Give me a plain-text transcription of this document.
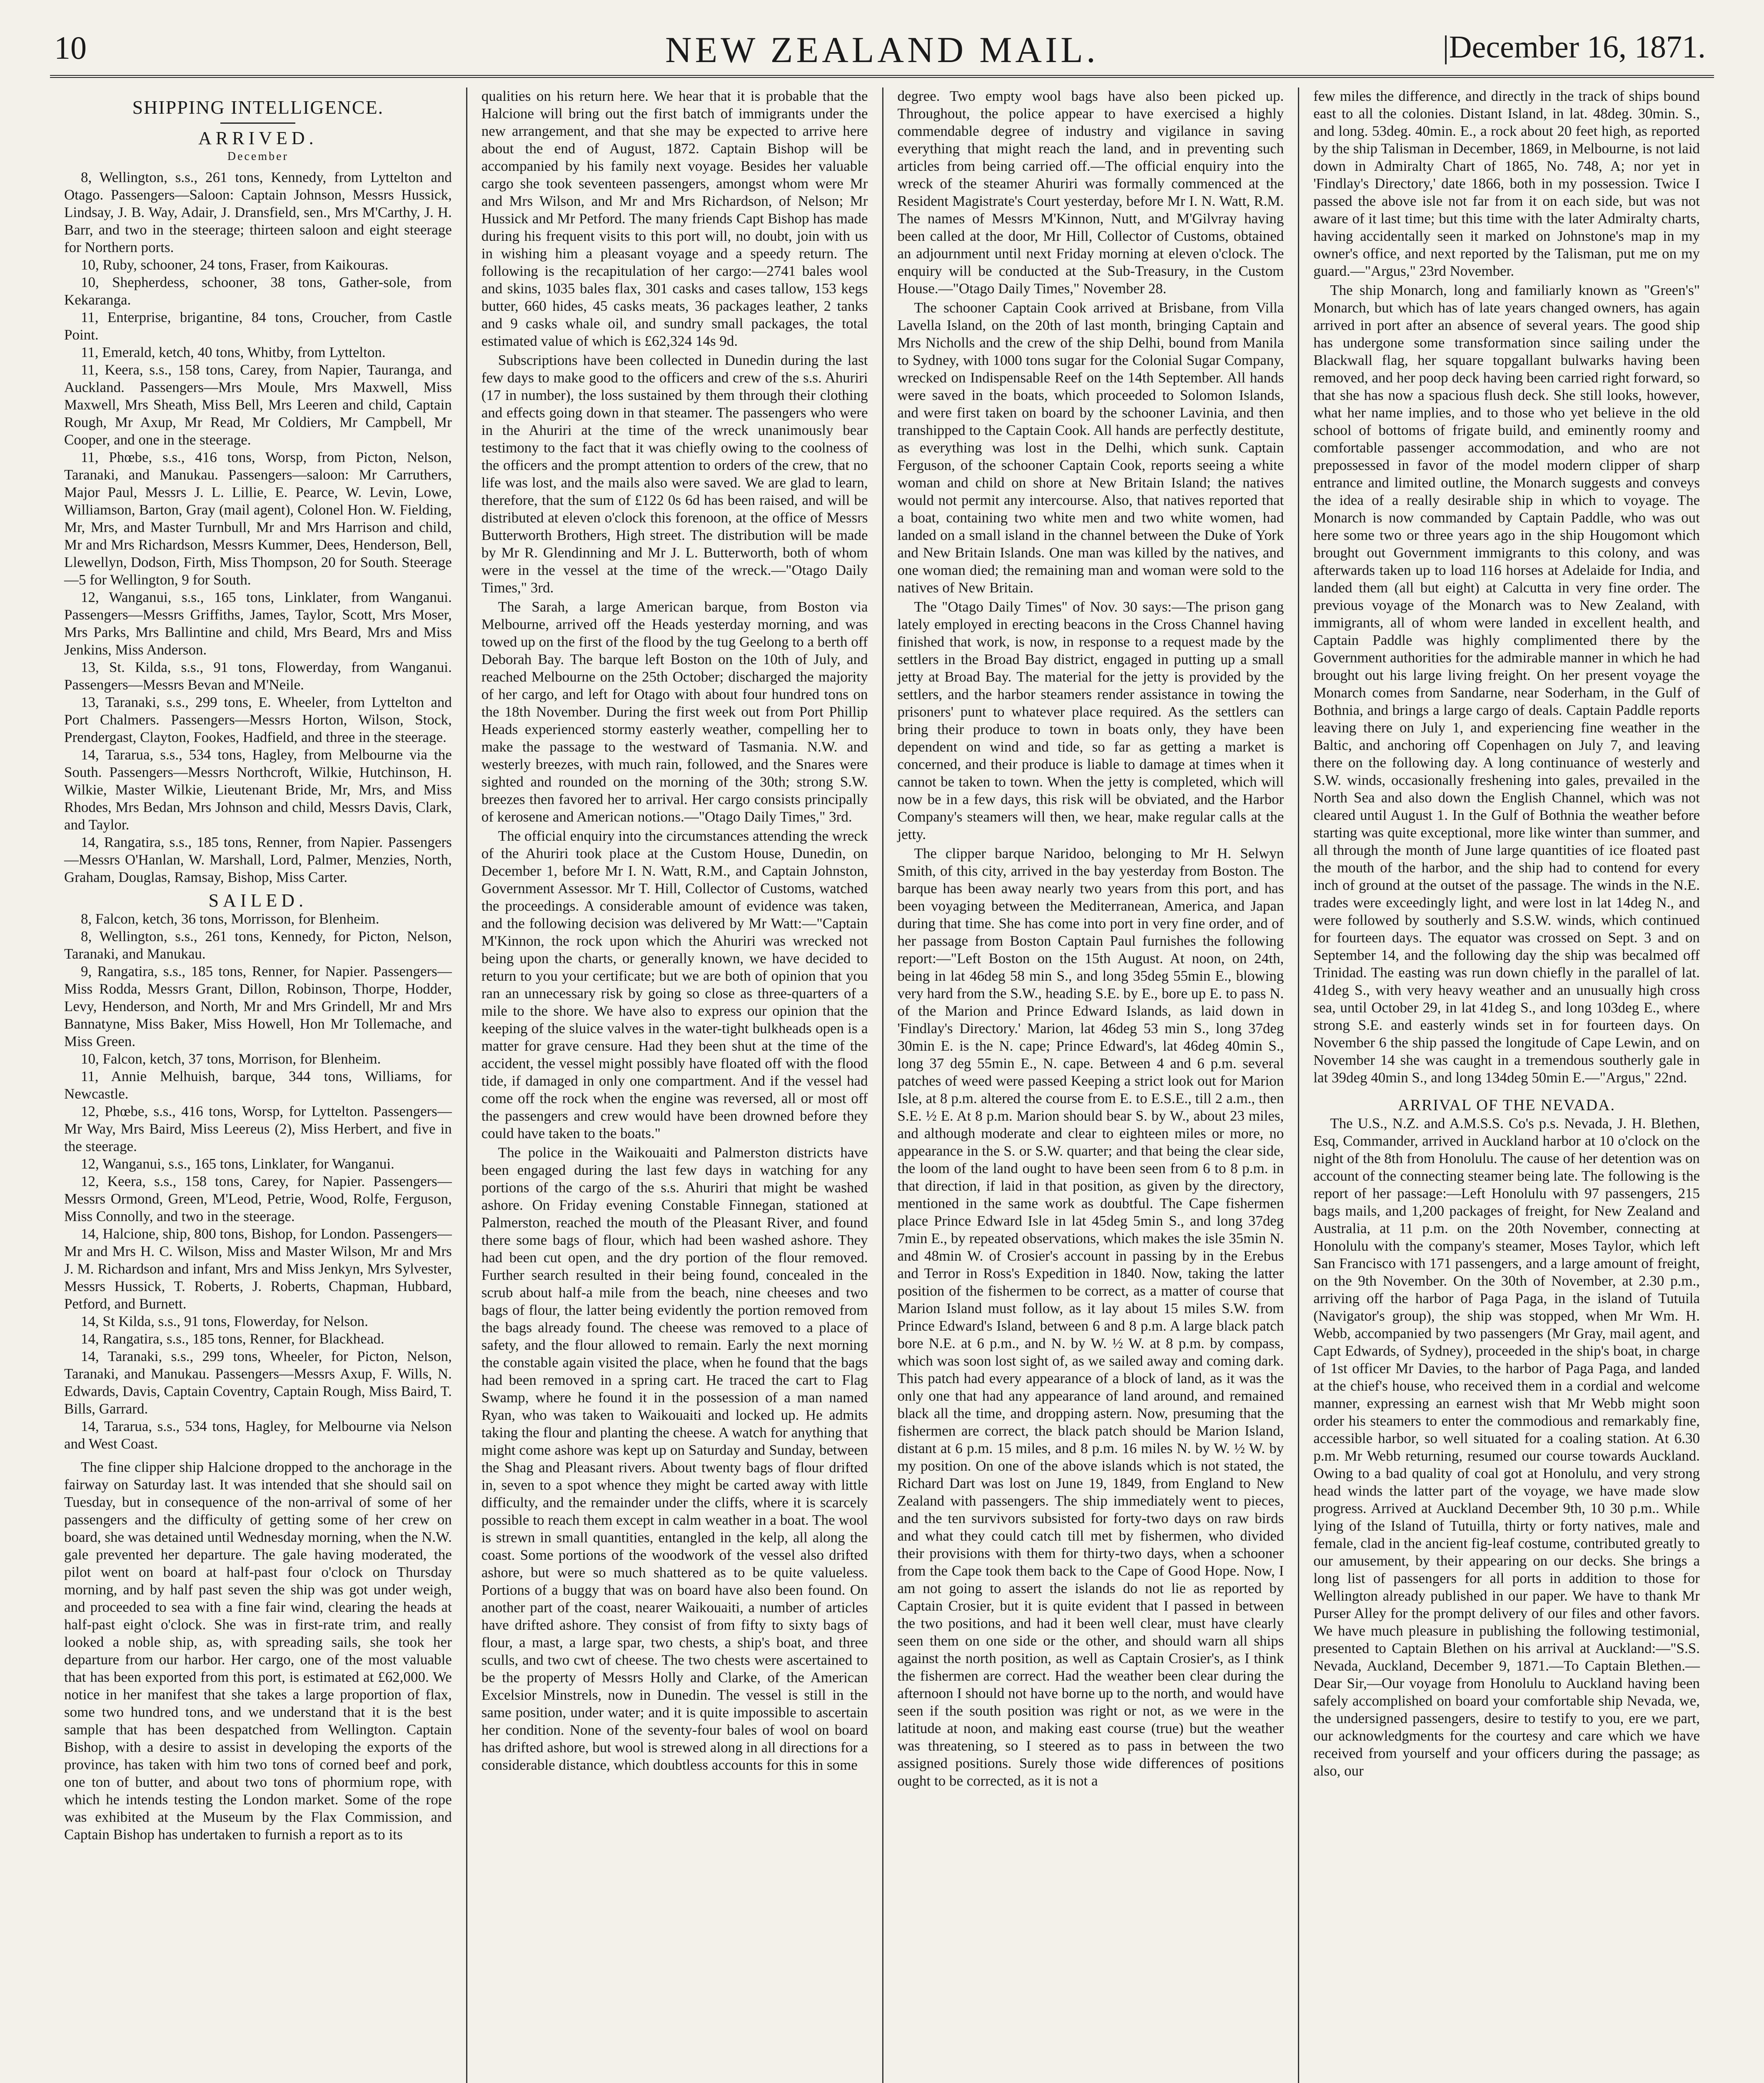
10	NEW ZEALAND MAIL.	|December 16, 1871.
SHIPPING INTELLIGENCE.
ARRIVED.
December

8, Wellington, s.s., 261 tons, Kennedy, from Lyttelton and Otago. Passengers—Saloon: Captain Johnson, Messrs Hussick, Lindsay, J. B. Way, Adair, J. Dransfield, sen., Mrs M'Carthy, J. H. Barr, and two in the steerage; thirteen saloon and eight steerage for Northern ports.

10, Ruby, schooner, 24 tons, Fraser, from Kaikouras.

10, Shepherdess, schooner, 38 tons, Gather-sole, from Kekaranga.

11, Enterprise, brigantine, 84 tons, Croucher, from Castle Point.

11, Emerald, ketch, 40 tons, Whitby, from Lyttelton.

11, Keera, s.s., 158 tons, Carey, from Napier, Tauranga, and Auckland. Passengers—Mrs Moule, Mrs Maxwell, Miss Maxwell, Mrs Sheath, Miss Bell, Mrs Leeren and child, Captain Rough, Mr Axup, Mr Read, Mr Coldiers, Mr Campbell, Mr Cooper, and one in the steerage.

11, Phœbe, s.s., 416 tons, Worsp, from Picton, Nelson, Taranaki, and Manukau. Passengers—saloon: Mr Carruthers, Major Paul, Messrs J. L. Lillie, E. Pearce, W. Levin, Lowe, Williamson, Barton, Gray (mail agent), Colonel Hon. W. Fielding, Mr, Mrs, and Master Turnbull, Mr and Mrs Harrison and child, Mr and Mrs Richardson, Messrs Kummer, Dees, Henderson, Bell, Llewellyn, Dodson, Firth, Miss Thompson, 20 for South. Steerage—5 for Wellington, 9 for South.

12, Wanganui, s.s., 165 tons, Linklater, from Wanganui. Passengers—Messrs Griffiths, James, Taylor, Scott, Mrs Moser, Mrs Parks, Mrs Ballintine and child, Mrs Beard, Mrs and Miss Jenkins, Miss Anderson.

13, St. Kilda, s.s., 91 tons, Flowerday, from Wanganui. Passengers—Messrs Bevan and M'Neile.

13, Taranaki, s.s., 299 tons, E. Wheeler, from Lyttelton and Port Chalmers. Passengers—Messrs Horton, Wilson, Stock, Prendergast, Clayton, Fookes, Hadfield, and three in the steerage.

14, Tararua, s.s., 534 tons, Hagley, from Melbourne via the South. Passengers—Messrs Northcroft, Wilkie, Hutchinson, H. Wilkie, Master Wilkie, Lieutenant Bride, Mr, Mrs, and Miss Rhodes, Mrs Bedan, Mrs Johnson and child, Messrs Davis, Clark, and Taylor.

14, Rangatira, s.s., 185 tons, Renner, from Napier. Passengers—Messrs O'Hanlan, W. Marshall, Lord, Palmer, Menzies, North, Graham, Douglas, Ramsay, Bishop, Miss Carter.

SAILED.

8, Falcon, ketch, 36 tons, Morrisson, for Blenheim.

8, Wellington, s.s., 261 tons, Kennedy, for Picton, Nelson, Taranaki, and Manukau.

9, Rangatira, s.s., 185 tons, Renner, for Napier. Passengers—Miss Rodda, Messrs Grant, Dillon, Robinson, Thorpe, Hodder, Levy, Henderson, and North, Mr and Mrs Grindell, Mr and Mrs Bannatyne, Miss Baker, Miss Howell, Hon Mr Tollemache, and Miss Green.

10, Falcon, ketch, 37 tons, Morrison, for Blenheim.

11, Annie Melhuish, barque, 344 tons, Williams, for Newcastle.

12, Phœbe, s.s., 416 tons, Worsp, for Lyttelton. Passengers—Mr Way, Mrs Baird, Miss Leereus (2), Miss Herbert, and five in the steerage.

12, Wanganui, s.s., 165 tons, Linklater, for Wanganui.

12, Keera, s.s., 158 tons, Carey, for Napier. Passengers—Messrs Ormond, Green, M'Leod, Petrie, Wood, Rolfe, Ferguson, Miss Connolly, and two in the steerage.

14, Halcione, ship, 800 tons, Bishop, for London. Passengers—Mr and Mrs H. C. Wilson, Miss and Master Wilson, Mr and Mrs J. M. Richardson and infant, Mrs and Miss Jenkyn, Mrs Sylvester, Messrs Hussick, T. Roberts, J. Roberts, Chapman, Hubbard, Petford, and Burnett.

14, St Kilda, s.s., 91 tons, Flowerday, for Nelson.

14, Rangatira, s.s., 185 tons, Renner, for Blackhead.

14, Taranaki, s.s., 299 tons, Wheeler, for Picton, Nelson, Taranaki, and Manukau. Passengers—Messrs Axup, F. Wills, N. Edwards, Davis, Captain Coventry, Captain Rough, Miss Baird, T. Bills, Garrard.

14, Tararua, s.s., 534 tons, Hagley, for Melbourne via Nelson and West Coast.

The fine clipper ship Halcione dropped to the anchorage in the fairway on Saturday last. It was intended that she should sail on Tuesday, but in consequence of the non-arrival of some of her passengers and the difficulty of getting some of her crew on board, she was detained until Wednesday morning, when the N.W. gale prevented her departure. The gale having moderated, the pilot went on board at half-past four o'clock on Thursday morning, and by half past seven the ship was got under weigh, and proceeded to sea with a fine fair wind, clearing the heads at half-past eight o'clock. She was in first-rate trim, and really looked a noble ship, as, with spreading sails, she took her departure from our harbor. Her cargo, one of the most valuable that has been exported from this port, is estimated at £62,000. We notice in her manifest that she takes a large proportion of flax, some two hundred tons, and we understand that it is the best sample that has been despatched from Wellington. Captain Bishop, with a desire to assist in developing the exports of the province, has taken with him two tons of corned beef and pork, one ton of butter, and about two tons of phormium rope, with which he intends testing the London market. Some of the rope was exhibited at the Museum by the Flax Commission, and Captain Bishop has undertaken to furnish a report as to its

qualities on his return here. We hear that it is probable that the Halcione will bring out the first batch of immigrants under the new arrangement, and that she may be expected to arrive here about the end of August, 1872. Captain Bishop will be accompanied by his family next voyage. Besides her valuable cargo she took seventeen passengers, amongst whom were Mr and Mrs Wilson, and Mr and Mrs Richardson, of Nelson; Mr Hussick and Mr Petford. The many friends Capt Bishop has made during his frequent visits to this port will, no doubt, join with us in wishing him a pleasant voyage and a speedy return. The following is the recapitulation of her cargo:—2741 bales wool and skins, 1035 bales flax, 301 casks and cases tallow, 153 kegs butter, 660 hides, 45 casks meats, 36 packages leather, 2 tanks and 9 casks whale oil, and sundry small packages, the total estimated value of which is £62,324 14s 9d.

Subscriptions have been collected in Dunedin during the last few days to make good to the officers and crew of the s.s. Ahuriri (17 in number), the loss sustained by them through their clothing and effects going down in that steamer. The passengers who were in the Ahuriri at the time of the wreck unanimously bear testimony to the fact that it was chiefly owing to the coolness of the officers and the prompt attention to orders of the crew, that no life was lost, and the mails also were saved. We are glad to learn, therefore, that the sum of £122 0s 6d has been raised, and will be distributed at eleven o'clock this forenoon, at the office of Messrs Butterworth Brothers, High street. The distribution will be made by Mr R. Glendinning and Mr J. L. Butterworth, both of whom were in the vessel at the time of the wreck.—"Otago Daily Times," 3rd.

The Sarah, a large American barque, from Boston via Melbourne, arrived off the Heads yesterday morning, and was towed up on the first of the flood by the tug Geelong to a berth off Deborah Bay. The barque left Boston on the 10th of July, and reached Melbourne on the 25th October; discharged the majority of her cargo, and left for Otago with about four hundred tons on the 18th November. During the first week out from Port Phillip Heads experienced stormy easterly weather, compelling her to make the passage to the westward of Tasmania. N.W. and westerly breezes, with much rain, followed, and the Snares were sighted and rounded on the morning of the 30th; strong S.W. breezes then favored her to arrival. Her cargo consists principally of kerosene and American notions.—"Otago Daily Times," 3rd.

The official enquiry into the circumstances attending the wreck of the Ahuriri took place at the Custom House, Dunedin, on December 1, before Mr I. N. Watt, R.M., and Captain Johnston, Government Assessor. Mr T. Hill, Collector of Customs, watched the proceedings. A considerable amount of evidence was taken, and the following decision was delivered by Mr Watt:—"Captain M'Kinnon, the rock upon which the Ahuriri was wrecked not being upon the charts, or generally known, we have decided to return to you your certificate; but we are both of opinion that you ran an unnecessary risk by going so close as three-quarters of a mile to the shore. We have also to express our opinion that the keeping of the sluice valves in the water-tight bulkheads open is a matter for grave censure. Had they been shut at the time of the accident, the vessel might possibly have floated off with the flood tide, if damaged in only one compartment. And if the vessel had come off the rock when the engine was reversed, all or most off the passengers and crew would have been drowned before they could have taken to the boats."

The police in the Waikouaiti and Palmerston districts have been engaged during the last few days in watching for any portions of the cargo of the s.s. Ahuriri that might be washed ashore. On Friday evening Constable Finnegan, stationed at Palmerston, reached the mouth of the Pleasant River, and found there some bags of flour, which had been washed ashore. They had been cut open, and the dry portion of the flour removed. Further search resulted in their being found, concealed in the scrub about half-a mile from the beach, nine cheeses and two bags of flour, the latter being evidently the portion removed from the bags already found. The cheese was removed to a place of safety, and the flour allowed to remain. Early the next morning the constable again visited the place, when he found that the bags had been removed in a spring cart. He traced the cart to Flag Swamp, where he found it in the possession of a man named Ryan, who was taken to Waikouaiti and locked up. He admits taking the flour and planting the cheese. A watch for anything that might come ashore was kept up on Saturday and Sunday, between the Shag and Pleasant rivers. About twenty bags of flour drifted in, seven to a spot whence they might be carted away with little difficulty, and the remainder under the cliffs, where it is scarcely possible to reach them except in calm weather in a boat. The wool is strewn in small quantities, entangled in the kelp, all along the coast. Some portions of the woodwork of the vessel also drifted ashore, but were so much shattered as to be quite valueless. Portions of a buggy that was on board have also been found. On another part of the coast, nearer Waikouaiti, a number of articles have drifted ashore. They consist of from fifty to sixty bags of flour, a mast, a large spar, two chests, a ship's boat, and three sculls, and two cwt of cheese. The two chests were ascertained to be the property of Messrs Holly and Clarke, of the American Excelsior Minstrels, now in Dunedin. The vessel is still in the same position, under water; and it is quite impossible to ascertain her condition. None of the seventy-four bales of wool on board has drifted ashore, but wool is strewed along in all directions for a considerable distance, which doubtless accounts for this in some

degree. Two empty wool bags have also been picked up. Throughout, the police appear to have exercised a highly commendable degree of industry and vigilance in saving everything that might reach the land, and in preventing such articles from being carried off.—The official enquiry into the wreck of the steamer Ahuriri was formally commenced at the Resident Magistrate's Court yesterday, before Mr I. N. Watt, R.M. The names of Messrs M'Kinnon, Nutt, and M'Gilvray having been called at the door, Mr Hill, Collector of Customs, obtained an adjournment until next Friday morning at eleven o'clock. The enquiry will be conducted at the Sub-Treasury, in the Custom House.—"Otago Daily Times," November 28.

The schooner Captain Cook arrived at Brisbane, from Villa Lavella Island, on the 20th of last month, bringing Captain and Mrs Nicholls and the crew of the ship Delhi, bound from Manila to Sydney, with 1000 tons sugar for the Colonial Sugar Company, wrecked on Indispensable Reef on the 14th September. All hands were saved in the boats, which proceeded to Solomon Islands, and were first taken on board by the schooner Lavinia, and then transhipped to the Captain Cook. All hands are perfectly destitute, as everything was lost in the Delhi, which sunk. Captain Ferguson, of the schooner Captain Cook, reports seeing a white woman and child on shore at New Britain Island; the natives would not permit any intercourse. Also, that natives reported that a boat, containing two white men and two white women, had landed on a small island in the channel between the Duke of York and New Britain Islands. One man was killed by the natives, and one woman died; the remaining man and woman were sold to the natives of New Britain.

The "Otago Daily Times" of Nov. 30 says:—The prison gang lately employed in erecting beacons in the Cross Channel having finished that work, is now, in response to a request made by the settlers in the Broad Bay district, engaged in putting up a small jetty at Broad Bay. The material for the jetty is provided by the settlers, and the harbor steamers render assistance in towing the prisoners' punt to whatever place required. As the settlers can bring their produce to town in boats only, they have been dependent on wind and tide, so far as getting a market is concerned, and their produce is liable to damage at times when it cannot be taken to town. When the jetty is completed, which will now be in a few days, this risk will be obviated, and the Harbor Company's steamers will then, we hear, make regular calls at the jetty.

The clipper barque Naridoo, belonging to Mr H. Selwyn Smith, of this city, arrived in the bay yesterday from Boston. The barque has been away nearly two years from this port, and has been voyaging between the Mediterranean, America, and Japan during that time. She has come into port in very fine order, and of her passage from Boston Captain Paul furnishes the following report:—"Left Boston on the 15th August. At noon, on 24th, being in lat 46deg 58 min S., and long 35deg 55min E., blowing very hard from the S.W., heading S.E. by E., bore up E. to pass N. of the Marion and Prince Edward Islands, as laid down in 'Findlay's Directory.' Marion, lat 46deg 53 min S., long 37deg 30min E. is the N. cape; Prince Edward's, lat 46deg 40min S., long 37 deg 55min E., N. cape. Between 4 and 6 p.m. several patches of weed were passed Keeping a strict look out for Marion Isle, at 8 p.m. altered the course from E. to E.S.E., till 2 a.m., then S.E. ½ E. At 8 p.m. Marion should bear S. by W., about 23 miles, and although moderate and clear to eighteen miles or more, no appearance in the S. or S.W. quarter; and that being the clear side, the loom of the land ought to have been seen from 6 to 8 p.m. in that direction, if laid in that position, as given by the directory, mentioned in the same work as doubtful. The Cape fishermen place Prince Edward Isle in lat 45deg 5min S., and long 37deg 7min E., by repeated observations, which makes the isle 35min N. and 48min W. of Crosier's account in passing by in the Erebus and Terror in Ross's Expedition in 1840. Now, taking the latter position of the fishermen to be correct, as a matter of course that Marion Island must follow, as it lay about 15 miles S.W. from Prince Edward's Island, between 6 and 8 p.m. A large black patch bore N.E. at 6 p.m., and N. by W. ½ W. at 8 p.m. by compass, which was soon lost sight of, as we sailed away and coming dark. This patch had every appearance of a block of land, as it was the only one that had any appearance of land around, and remained black all the time, and dropping astern. Now, presuming that the fishermen are correct, the black patch should be Marion Island, distant at 6 p.m. 15 miles, and 8 p.m. 16 miles N. by W. ½ W. by my position. On one of the above islands which is not stated, the Richard Dart was lost on June 19, 1849, from England to New Zealand with passengers. The ship immediately went to pieces, and the ten survivors subsisted for forty-two days on raw birds and what they could catch till met by fishermen, who divided their provisions with them for thirty-two days, when a schooner from the Cape took them back to the Cape of Good Hope. Now, I am not going to assert the islands do not lie as reported by Captain Crosier, but it is quite evident that I passed in between the two positions, and had it been well clear, must have clearly seen them on one side or the other, and should warn all ships against the north position, as well as Captain Crosier's, as I think the fishermen are correct. Had the weather been clear during the afternoon I should not have borne up to the north, and would have seen if the south position was right or not, as we were in the latitude at noon, and making east course (true) but the weather was threatening, so I steered as to pass in between the two assigned positions. Surely those wide differences of positions ought to be corrected, as it is not a

few miles the difference, and directly in the track of ships bound east to all the colonies. Distant Island, in lat. 48deg. 30min. S., and long. 53deg. 40min. E., a rock about 20 feet high, as reported by the ship Talisman in December, 1869, in Melbourne, is not laid down in Admiralty Chart of 1865, No. 748, A; nor yet in 'Findlay's Directory,' date 1866, both in my possession. Twice I passed the above isle not far from it on each side, but was not aware of it last time; but this time with the later Admiralty charts, having accidentally seen it marked on Johnstone's map in my owner's office, and next reported by the Talisman, put me on my guard.—"Argus," 23rd November.

The ship Monarch, long and familiarly known as "Green's" Monarch, but which has of late years changed owners, has again arrived in port after an absence of several years. The good ship has undergone some transformation since sailing under the Blackwall flag, her square topgallant bulwarks having been removed, and her poop deck having been carried right forward, so that she has now a spacious flush deck. She still looks, however, what her name implies, and to those who yet believe in the old school of bottoms of frigate build, and eminently roomy and comfortable passenger accommodation, and who are not prepossessed in favor of the model modern clipper of sharp entrance and limited outline, the Monarch suggests and conveys the idea of a really desirable ship in which to voyage. The Monarch is now commanded by Captain Paddle, who was out here some two or three years ago in the ship Hougomont which brought out Government immigrants to this colony, and was afterwards taken up to load 116 horses at Adelaide for India, and landed them (all but eight) at Calcutta in very fine order. The previous voyage of the Monarch was to New Zealand, with immigrants, all of whom were landed in excellent health, and Captain Paddle was highly complimented there by the Government authorities for the admirable manner in which he had brought out his large living freight. On her present voyage the Monarch comes from Sandarne, near Soderham, in the Gulf of Bothnia, and brings a large cargo of deals. Captain Paddle reports leaving there on July 1, and experiencing fine weather in the Baltic, and anchoring off Copenhagen on July 7, and leaving there on the following day. A long continuance of westerly and S.W. winds, occasionally freshening into gales, prevailed in the North Sea and also down the English Channel, which was not cleared until August 1. In the Gulf of Bothnia the weather before starting was quite exceptional, more like winter than summer, and all through the month of June large quantities of ice floated past the mouth of the harbor, and the ship had to contend for every inch of ground at the outset of the passage. The winds in the N.E. trades were exceedingly light, and were lost in lat 14deg N., and were followed by southerly and S.S.W. winds, which continued for fourteen days. The equator was crossed on Sept. 3 and on September 14, and the following day the ship was becalmed off Trinidad. The easting was run down chiefly in the parallel of lat. 41deg S., with very heavy weather and an unusually high cross sea, until October 29, in lat 41deg S., and long 103deg E., where strong S.E. and easterly winds set in for fourteen days. On November 6 the ship passed the longitude of Cape Lewin, and on November 14 she was caught in a tremendous southerly gale in lat 39deg 40min S., and long 134deg 50min E.—"Argus," 22nd.

ARRIVAL OF THE NEVADA.

The U.S., N.Z. and A.M.S.S. Co's p.s. Nevada, J. H. Blethen, Esq, Commander, arrived in Auckland harbor at 10 o'clock on the night of the 8th from Honolulu. The cause of her detention was on account of the connecting steamer being late. The following is the report of her passage:—Left Honolulu with 97 passengers, 215 bags mails, and 1,200 packages of freight, for New Zealand and Australia, at 11 p.m. on the 20th November, connecting at Honolulu with the company's steamer, Moses Taylor, which left San Francisco with 171 passengers, and a large amount of freight, on the 9th November. On the 30th of November, at 2.30 p.m., arriving off the harbor of Paga Paga, in the island of Tutuila (Navigator's group), the ship was stopped, when Mr Wm. H. Webb, accompanied by two passengers (Mr Gray, mail agent, and Capt Edwards, of Sydney), proceeded in the ship's boat, in charge of 1st officer Mr Davies, to the harbor of Paga Paga, and landed at the chief's house, who received them in a cordial and welcome manner, expressing an earnest wish that Mr Webb might soon order his steamers to enter the commodious and remarkably fine, accessible harbor, so well situated for a coaling station. At 6.30 p.m. Mr Webb returning, resumed our course towards Auckland. Owing to a bad quality of coal got at Honolulu, and very strong head winds the latter part of the voyage, we have made slow progress. Arrived at Auckland December 9th, 10 30 p.m.. While lying of the Island of Tutuilla, thirty or forty natives, male and female, clad in the ancient fig-leaf costume, contributed greatly to our amusement, by their appearing on our decks. She brings a long list of passengers for all ports in addition to those for Wellington already published in our paper. We have to thank Mr Purser Alley for the prompt delivery of our files and other favors. We have much pleasure in publishing the following testimonial, presented to Captain Blethen on his arrival at Auckland:—"S.S. Nevada, Auckland, December 9, 1871.—To Captain Blethen.—Dear Sir,—Our voyage from Honolulu to Auckland having been safely accomplished on board your comfortable ship Nevada, we, the undersigned passengers, desire to testify to you, ere we part, our acknowledgments for the courtesy and care which we have received from yourself and your officers during the passage; as also, our
